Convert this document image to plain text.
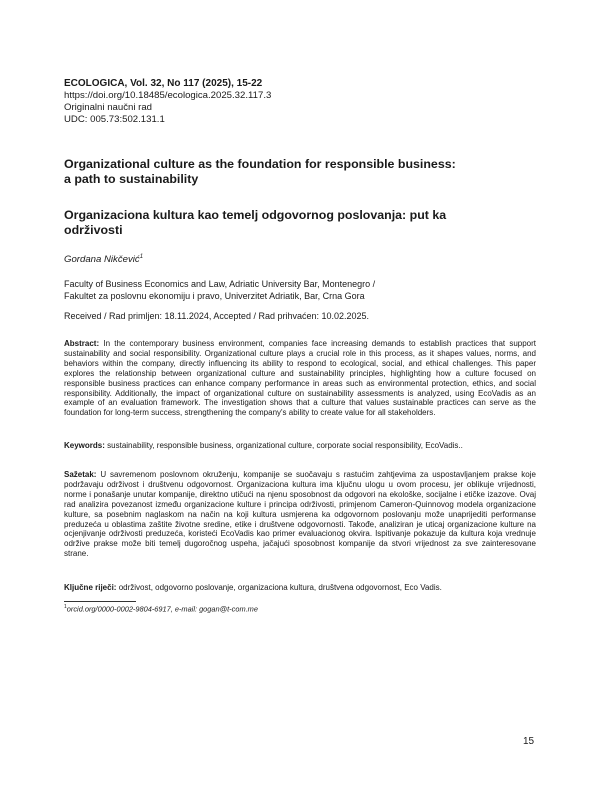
ECOLOGICA, Vol. 32, No 117 (2025), 15-22
https://doi.org/10.18485/ecologica.2025.32.117.3
Originalni naučni rad
UDC: 005.73:502.131.1
Organizational culture as the foundation for responsible business:
a path to sustainability
Organizaciona kultura kao temelj odgovornog poslovanja: put ka
održivosti
Gordana Nikčević$^1$
Faculty of Business Economics and Law, Adriatic University Bar, Montenegro /
Fakultet za poslovnu ekonomiju i pravo, Univerzitet Adriatik, Bar, Crna Gora
Received / Rad primljen: 18.11.2024, Accepted / Rad prihvaćen: 10.02.2025.
Abstract: In the contemporary business environment, companies face increasing demands to establish practices that support sustainability and social responsibility. Organizational culture plays a crucial role in this process, as it shapes values, norms, and behaviors within the company, directly influencing its ability to respond to ecological, social, and ethical challenges. This paper explores the relationship between organizational culture and sustainability principles, highlighting how a culture focused on responsible business practices can enhance company performance in areas such as environmental protection, ethics, and social responsibility. Additionally, the impact of organizational culture on sustainability assessments is analyzed, using EcoVadis as an example of an evaluation framework. The investigation shows that a culture that values sustainable practices can serve as the foundation for long-term success, strengthening the company's ability to create value for all stakeholders.
Keywords: sustainability, responsible business, organizational culture, corporate social responsibility, EcoVadis..
Sažetak: U savremenom poslovnom okruženju, kompanije se suočavaju s rastućim zahtjevima za uspostavljanjem prakse koje podržavaju održivost i društvenu odgovornost. Organizaciona kultura ima ključnu ulogu u ovom procesu, jer oblikuje vrijednosti, norme i ponašanje unutar kompanije, direktno utičući na njenu sposobnost da odgovori na ekološke, socijalne i etičke izazove. Ovaj rad analizira povezanost između organizacione kulture i principa održivosti, primjenom Cameron-Quinnovog modela organizacione kulture, sa posebnim naglaskom na način na koji kultura usmjerena ka odgovornom poslovanju može unaprijediti performanse preduzeća u oblastima zaštite životne sredine, etike i društvene odgovornosti. Takođe, analiziran je uticaj organizacione kulture na ocjenjivanje održivosti preduzeća, koristeći EcoVadis kao primer evaluacionog okvira. Ispitivanje pokazuje da kultura koja vrednuje održive prakse može biti temelj dugoročnog uspeha, jačajući sposobnost kompanije da stvori vrijednost za sve zainteresovane strane.
Ključne riječi: održivost, odgovorno poslovanje, organizaciona kultura, društvena odgovornost, Eco Vadis.
$^1$orcid.org/0000-0002-9804-6917, e-mail: gogan@t-com.me
15
